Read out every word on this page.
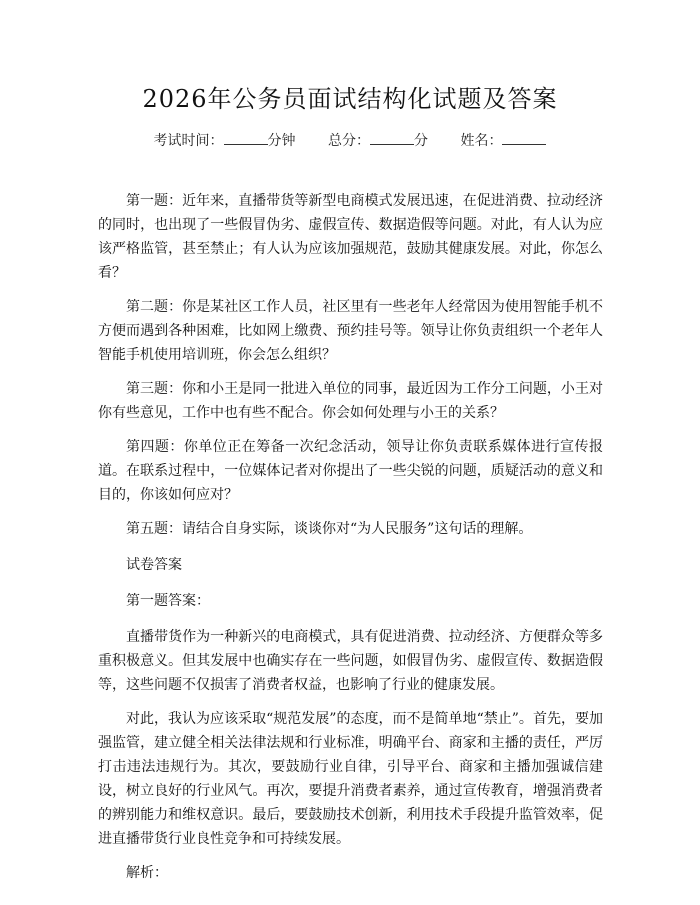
2026年公务员面试结构化试题及答案
考试时间：	分钟 总分：	分 姓名：

第一题：近年来，直播带货等新型电商模式发展迅速，在促进消费、拉动经济的同时，也出现了一些假冒伪劣、虚假宣传、数据造假等问题。对此，有人认为应该严格监管，甚至禁止；有人认为应该加强规范，鼓励其健康发展。对此，你怎么看？

第二题：你是某社区工作人员，社区里有一些老年人经常因为使用智能手机不方便而遇到各种困难，比如网上缴费、预约挂号等。领导让你负责组织一个老年人智能手机使用培训班，你会怎么组织？

第三题：你和小王是同一批进入单位的同事，最近因为工作分工问题，小王对你有些意见，工作中也有些不配合。你会如何处理与小王的关系？

第四题：你单位正在筹备一次纪念活动，领导让你负责联系媒体进行宣传报道。在联系过程中，一位媒体记者对你提出了一些尖锐的问题，质疑活动的意义和目的，你该如何应对？

第五题：请结合自身实际，谈谈你对“为人民服务”这句话的理解。

试卷答案

第一题答案：

直播带货作为一种新兴的电商模式，具有促进消费、拉动经济、方便群众等多重积极意义。但其发展中也确实存在一些问题，如假冒伪劣、虚假宣传、数据造假等，这些问题不仅损害了消费者权益，也影响了行业的健康发展。

对此，我认为应该采取“规范发展”的态度，而不是简单地“禁止”。首先，要加强监管，建立健全相关法律法规和行业标准，明确平台、商家和主播的责任，严厉打击违法违规行为。其次，要鼓励行业自律，引导平台、商家和主播加强诚信建设，树立良好的行业风气。再次，要提升消费者素养，通过宣传教育，增强消费者的辨别能力和维权意识。最后，要鼓励技术创新，利用技术手段提升监管效率，促进直播带货行业良性竞争和可持续发展。

解析：
